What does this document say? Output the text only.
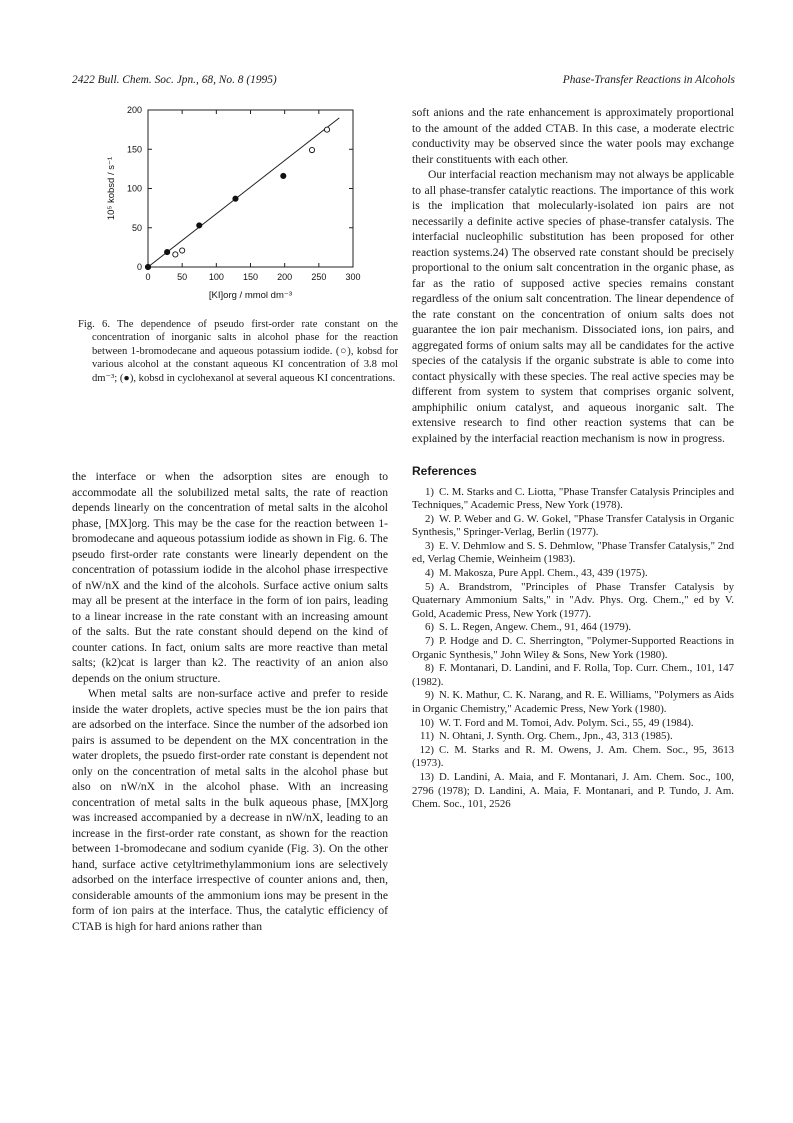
2422 Bull. Chem. Soc. Jpn., 68, No. 8 (1995)	Phase-Transfer Reactions in Alcohols
0	50 100 150 200 250 300
0
50
100
150
200
[KI]org / mmol dm⁻³
10⁵ kobsd / s⁻¹
Fig. 6. The dependence of pseudo first-order rate constant on the concentration of inorganic salts in alcohol phase for the reaction between 1-bromodecane and aqueous potassium iodide. (○), kobsd for various alcohol at the constant aqueous KI concentration of 3.8 mol dm⁻³; (●), kobsd in cyclohexanol at several aqueous KI concentrations.

the interface or when the adsorption sites are enough to accommodate all the solubilized metal salts, the rate of reaction depends linearly on the concentration of metal salts in the alcohol phase, [MX]org. This may be the case for the reaction between 1-bromodecane and aqueous potassium iodide as shown in Fig. 6. The pseudo first-order rate constants were linearly dependent on the concentration of potassium iodide in the alcohol phase irrespective of nW/nX and the kind of the alcohols. Surface active onium salts may all be present at the interface in the form of ion pairs, leading to a linear increase in the rate constant with an increasing amount of the salts. But the rate constant should depend on the kind of counter cations. In fact, onium salts are more reactive than metal salts; (k2)cat is larger than k2. The reactivity of an anion also depends on the onium structure.

When metal salts are non-surface active and prefer to reside inside the water droplets, active species must be the ion pairs that are adsorbed on the interface. Since the number of the adsorbed ion pairs is assumed to be dependent on the MX concentration in the water droplets, the psuedo first-order rate constant is dependent not only on the concentration of metal salts in the alcohol phase but also on nW/nX in the alcohol phase. With an increasing concentration of metal salts in the bulk aqueous phase, [MX]org was increased accompanied by a decrease in nW/nX, leading to an increase in the first-order rate constant, as shown for the reaction between 1-bromodecane and sodium cyanide (Fig. 3). On the other hand, surface active cetyltrimethylammonium ions are selectively adsorbed on the interface irrespective of counter anions and, then, considerable amounts of the ammonium ions may be present in the form of ion pairs at the interface. Thus, the catalytic efficiency of CTAB is high for hard anions rather than

soft anions and the rate enhancement is approximately proportional to the amount of the added CTAB. In this case, a moderate electric conductivity may be observed since the water pools may exchange their constituents with each other.

Our interfacial reaction mechanism may not always be applicable to all phase-transfer catalytic reactions. The importance of this work is the implication that molecularly-isolated ion pairs are not necessarily a definite active species of phase-transfer catalysis. The interfacial nucleophilic substitution has been proposed for other reaction systems.24) The observed rate constant should be precisely proportional to the onium salt concentration in the organic phase, as far as the ratio of supposed active species remains constant regardless of the onium salt concentration. The linear dependence of the rate constant on the concentration of onium salts does not guarantee the ion pair mechanism. Dissociated ions, ion pairs, and aggregated forms of onium salts may all be candidates for the active species of the catalysis if the organic substrate is able to come into contact physically with these species. The real active species may be different from system to system that comprises organic solvent, amphiphilic onium catalyst, and aqueous inorganic salt. The extensive research to find other reaction systems that can be explained by the interfacial reaction mechanism is now in progress.

References

1) C. M. Starks and C. Liotta, "Phase Transfer Catalysis Principles and Techniques," Academic Press, New York (1978).

2) W. P. Weber and G. W. Gokel, "Phase Transfer Catalysis in Organic Synthesis," Springer-Verlag, Berlin (1977).

3) E. V. Dehmlow and S. S. Dehmlow, "Phase Transfer Catalysis," 2nd ed, Verlag Chemie, Weinheim (1983).

4) M. Makosza, Pure Appl. Chem., 43, 439 (1975).

5) A. Brandstrom, "Principles of Phase Transfer Catalysis by Quaternary Ammonium Salts," in "Adv. Phys. Org. Chem.," ed by V. Gold, Academic Press, New York (1977).

6) S. L. Regen, Angew. Chem., 91, 464 (1979).

7) P. Hodge and D. C. Sherrington, "Polymer-Supported Reactions in Organic Synthesis," John Wiley & Sons, New York (1980).

8) F. Montanari, D. Landini, and F. Rolla, Top. Curr. Chem., 101, 147 (1982).

9) N. K. Mathur, C. K. Narang, and R. E. Williams, "Polymers as Aids in Organic Chemistry," Academic Press, New York (1980).

10) W. T. Ford and M. Tomoi, Adv. Polym. Sci., 55, 49 (1984).

11) N. Ohtani, J. Synth. Org. Chem., Jpn., 43, 313 (1985).

12) C. M. Starks and R. M. Owens, J. Am. Chem. Soc., 95, 3613 (1973).

13) D. Landini, A. Maia, and F. Montanari, J. Am. Chem. Soc., 100, 2796 (1978); D. Landini, A. Maia, F. Montanari, and P. Tundo, J. Am. Chem. Soc., 101, 2526
